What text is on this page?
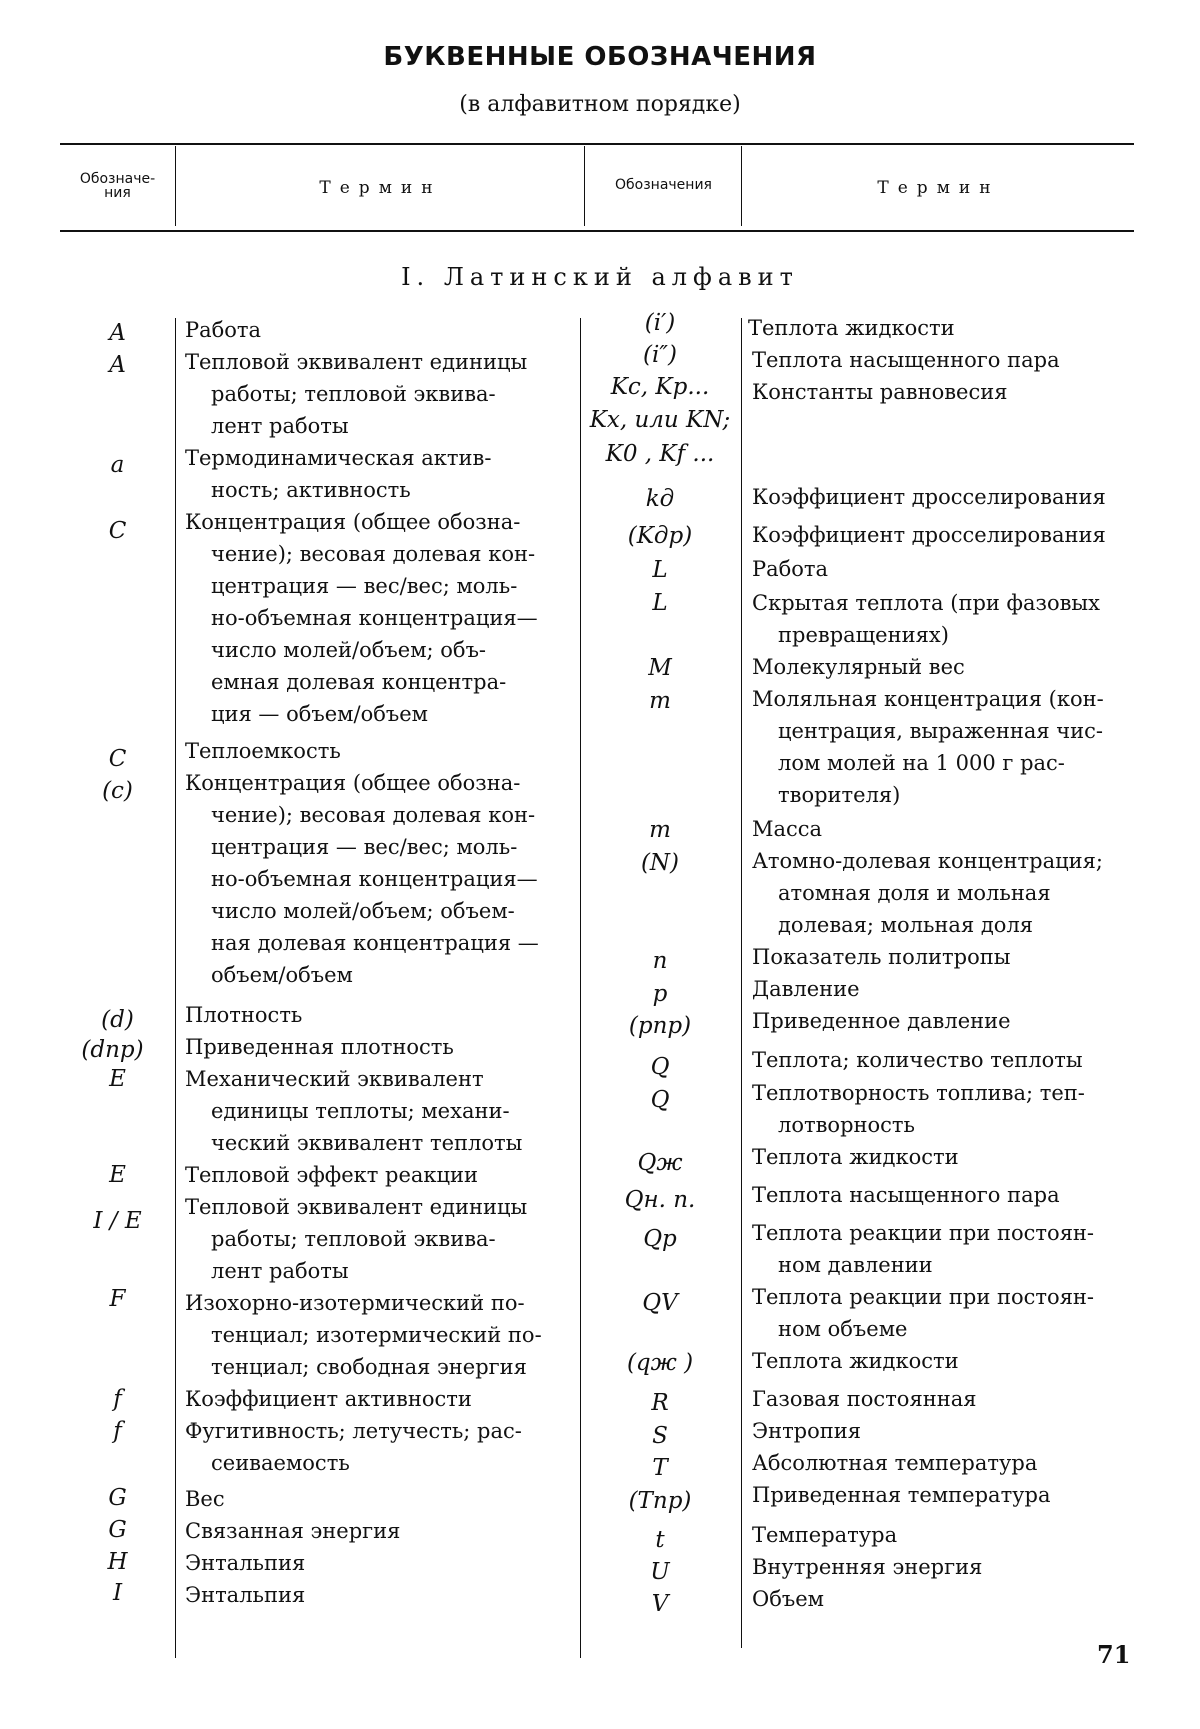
БУКВЕННЫЕ ОБОЗНАЧЕНИЯ
(в алфавитном порядке)
Обозначе-
ния	Термин	Обозначения	Термин
I. Латинский алфавит
A
A
a
C
C
(c)
(d)
(dпр)
E
E
I / E
F
f
f
G
G
H
I
Работа
Тепловой эквивалент единицы
работы; тепловой эквива-
лент работы
Термодинамическая актив-
ность; активность
Концентрация (общее обозна-
чение); весовая долевая кон-
центрация — вес/вес; моль-
но-объемная концентрация—
число молей/объем; объ-
емная долевая концентра-
ция — объем/объем
Теплоемкость
Концентрация (общее обозна-
чение); весовая долевая кон-
центрация — вес/вес; моль-
но-объемная концентрация—
число молей/объем; объем-
ная долевая концентрация —
объем/объем
Плотность
Приведенная плотность
Механический эквивалент
единицы теплоты; механи-
ческий эквивалент теплоты
Тепловой эффект реакции
Тепловой эквивалент единицы
работы; тепловой эквива-
лент работы
Изохорно-изотермический по-
тенциал; изотермический по-
тенциал; свободная энергия
Коэффициент активности
Фугитивность; летучесть; рас-
сеиваемость
Вес
Связанная энергия
Энтальпия
Энтальпия
(i′)
(i″)
Kc, Kp...
Kx, или KN;
K0 , Kf ...
kд
(Kдр)
L
L
M
m
m
(N)
n
p
(pпр)
Q
Q
Qж
Qн. п.
Qp
QV
(qж )
R
S
T
(Tпр)
t
U
V
Теплота жидкости
Теплота насыщенного пара
Константы равновесия
Коэффициент дросселирования
Коэффициент дросселирования
Работа
Скрытая теплота (при фазовых
превращениях)
Молекулярный вес
Моляльная концентрация (кон-
центрация, выраженная чис-
лом молей на 1 000 г рас-
творителя)
Масса
Атомно-долевая концентрация;
атомная доля и мольная
долевая; мольная доля
Показатель политропы
Давление
Приведенное давление
Теплота; количество теплоты
Теплотворность топлива; теп-
лотворность
Теплота жидкости
Теплота насыщенного пара
Теплота реакции при постоян-
ном давлении
Теплота реакции при постоян-
ном объеме
Теплота жидкости
Газовая постоянная
Энтропия
Абсолютная температура
Приведенная температура
Температура
Внутренняя энергия
Объем
71
